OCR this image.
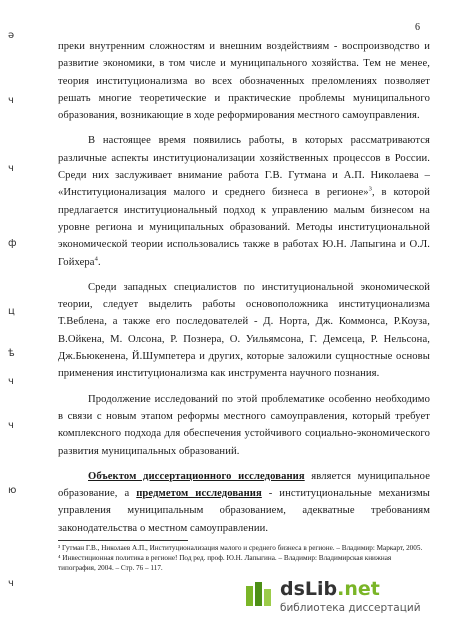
6
ә
ч
ч
ф
ц
ѣ
ч
ч
ю
ч

преки внутренним сложностям и внешним воздействиям - воспроизводство и развитие экономики, в том числе и муниципального хозяйства. Тем не менее, теория институционализма во всех обозначенных преломлениях позволяет решать многие теоретические и практические проблемы муниципального образования, возникающие в ходе реформирования местного самоуправления.

В настоящее время появились работы, в которых рассматриваются различные аспекты институционализации хозяйственных процессов в России. Среди них заслуживает внимание работа Г.В. Гутмана и А.П. Николаева – «Институционализация малого и среднего бизнеса в регионе»$^3$, в которой предлагается институциональный подход к управлению малым бизнесом на уровне региона и муниципальных образований. Методы институциональной экономической теории использовались также в работах Ю.Н. Лапыгина и О.Л. Гойхера$^4$.

Среди западных специалистов по институциональной экономической теории, следует выделить работы основоположника институционализма Т.Веблена, а также его последователей - Д. Норта, Дж. Коммонса, Р.Коуза, В.Ойкена, М. Олсона, Р. Познера, О. Уильямсона, Г. Демсеца, Р. Нельсона, Дж.Бьюкенена, Й.Шумпетера и других, которые заложили сущностные основы применения институционализма как инструмента научного познания.

Продолжение исследований по этой проблематике особенно необходимо в связи с новым этапом реформы местного самоуправления, который требует комплексного подхода для обеспечения устойчивого социально-экономического развития муниципальных образований.

Объектом диссертационного исследования является муниципальное образование, а предметом исследования - институциональные механизмы управления муниципальным образованием, адекватные требованиям законодательства о местном самоуправлении.

³ Гутман Г.В., Николаев А.П., Институционализация малого и среднего бизнеса в регионе. – Владимир: Маркарт, 2005.

⁴ Инвестиционная политика в регионе! Под ред. проф. Ю.Н. Лапыгина. – Владимир: Владимирская книжная типография, 2004. – Стр. 76 – 117.

dsLib.net
библиотека диссертаций
